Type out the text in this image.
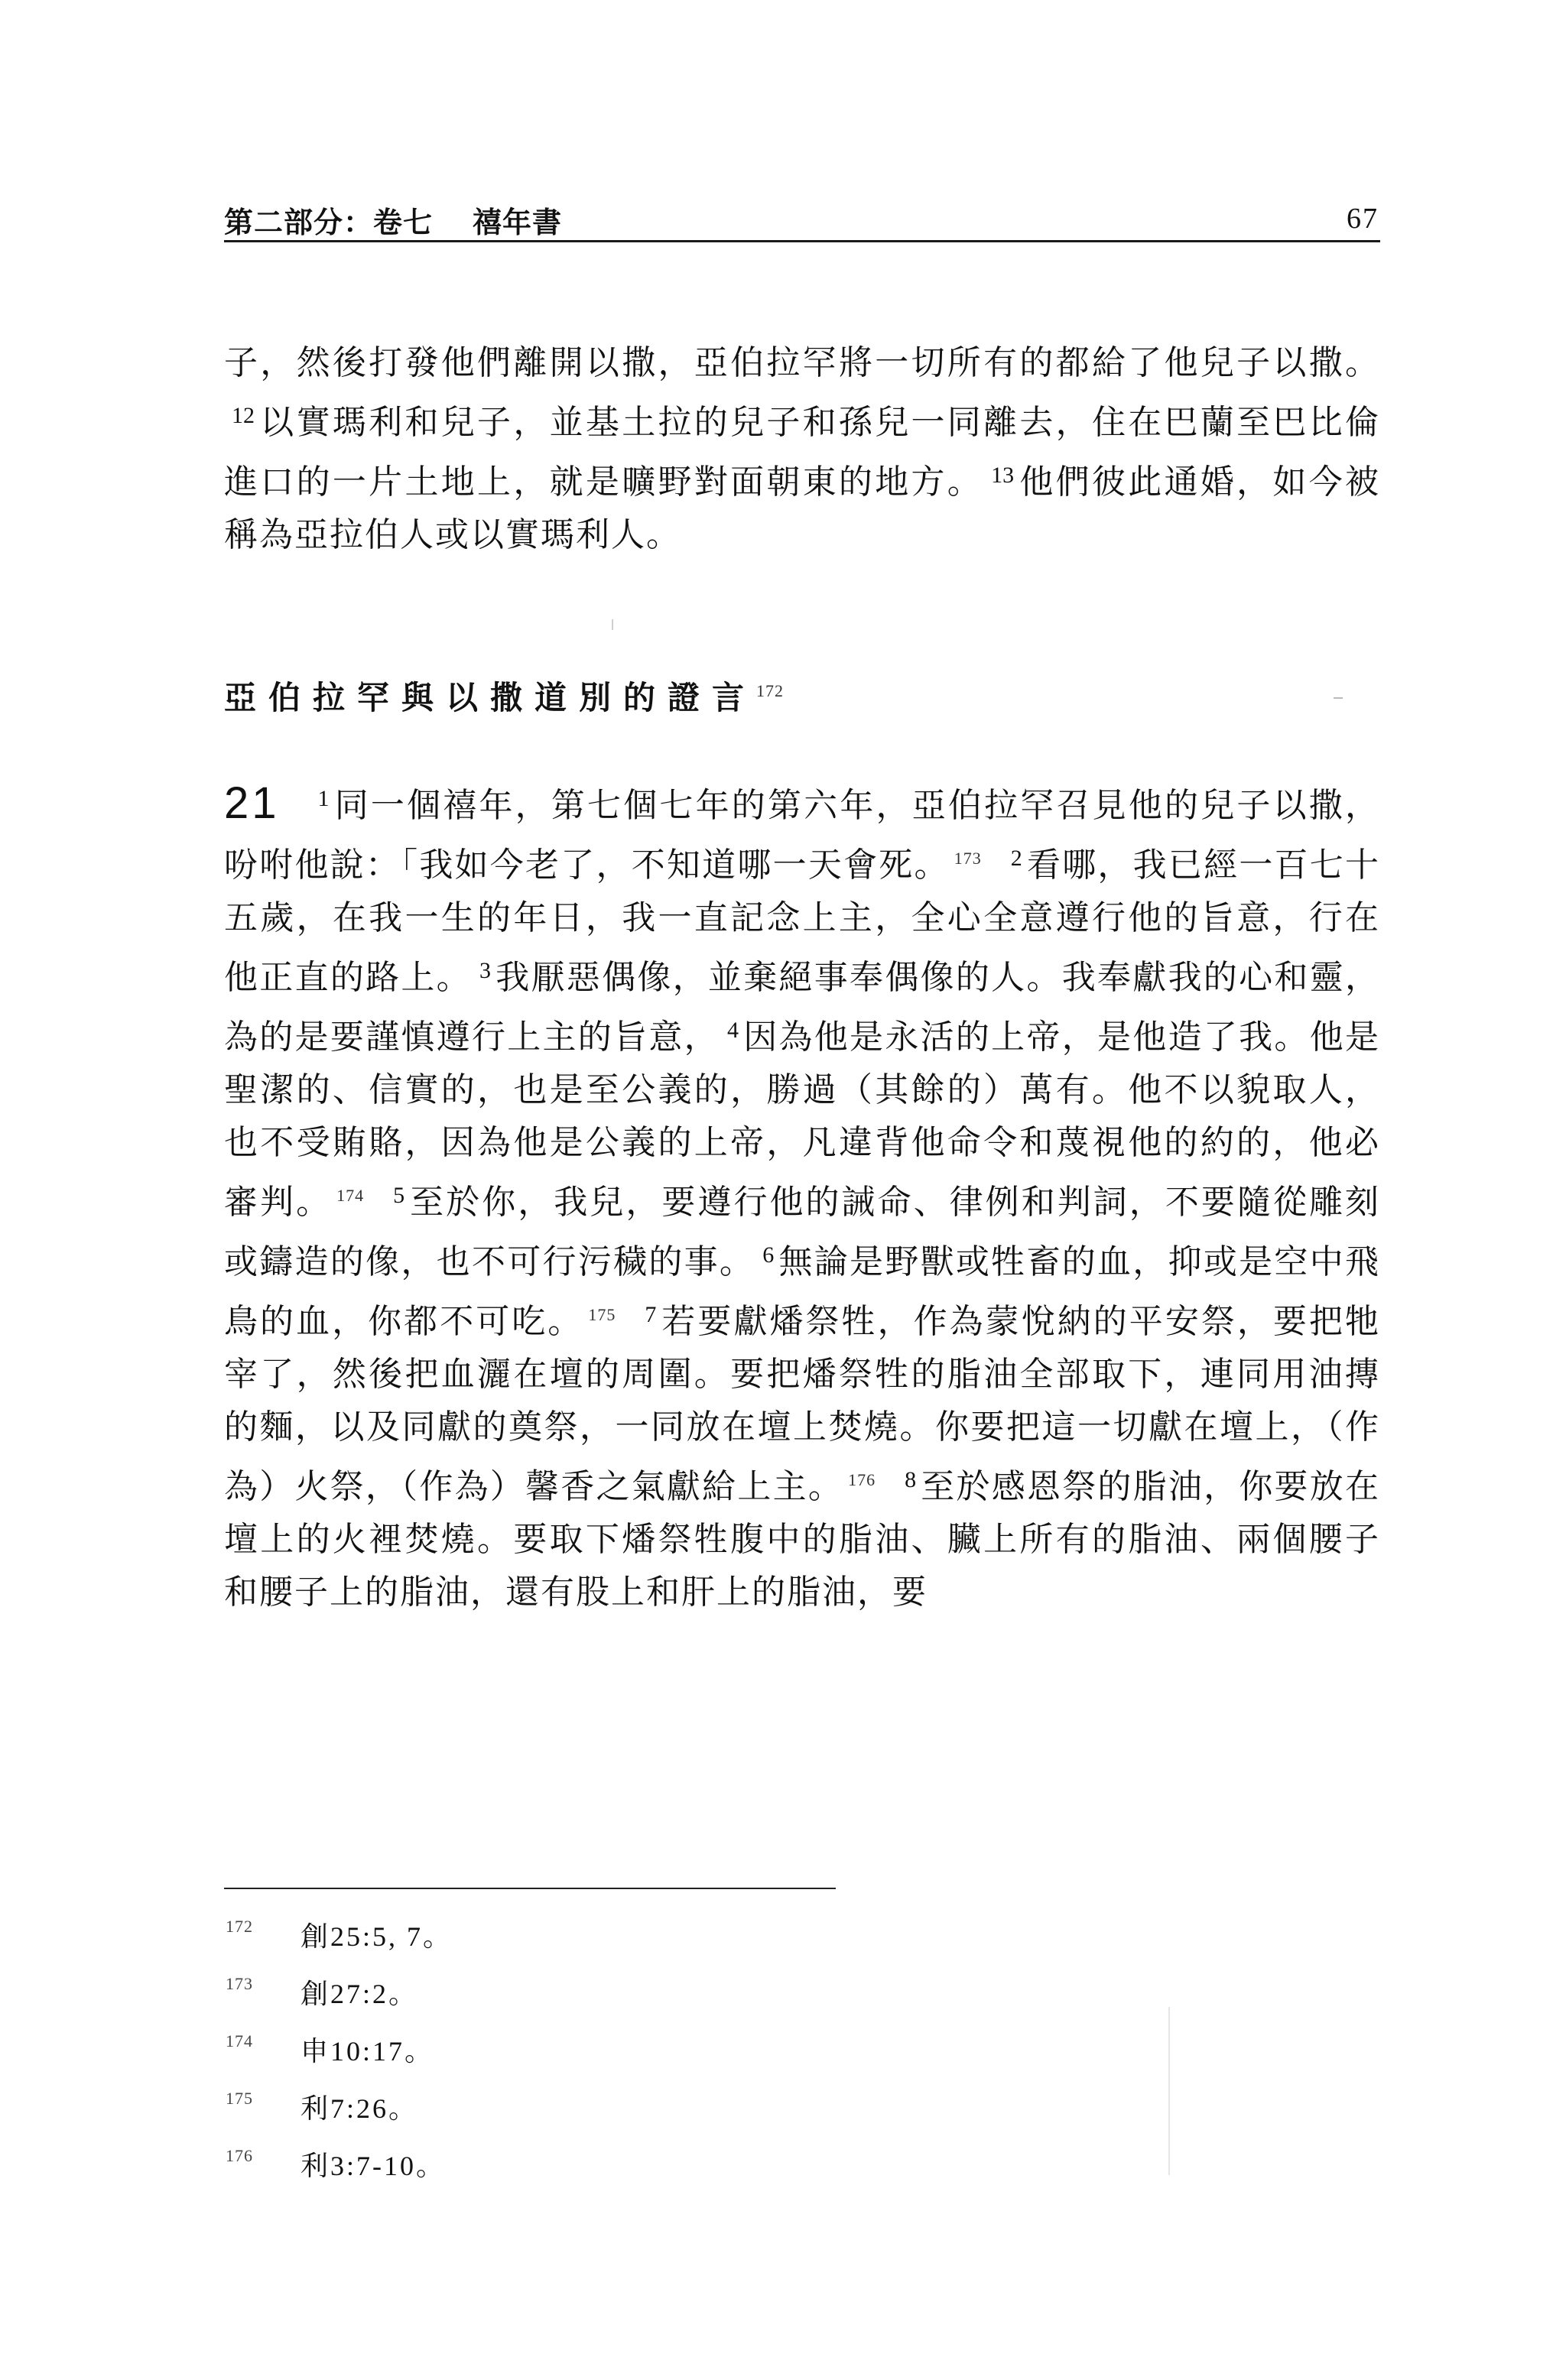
第二部分：卷七 禧年書	67

子，然後打發他們離開以撒，亞伯拉罕將一切所有的都給了他兒子以撒。$^{12}$ 以實瑪利和兒子，並基土拉的兒子和孫兒一同離去，住在巴蘭至巴比倫進口的一片土地上，就是曠野對面朝東的地方。 $^{13}$ 他們彼此通婚，如今被稱為亞拉伯人或以實瑪利人。

亞伯拉罕與以撒道別的證言$^{172}$

21 $^1$ 同一個禧年，第七個七年的第六年，亞伯拉罕召見他的兒子以撒，吩咐他說：「我如今老了，不知道哪一天會死。 $^{173}$ $^2$ 看哪，我已經一百七十五歲，在我一生的年日，我一直記念上主，全心全意遵行他的旨意，行在他正直的路上。 $^3$ 我厭惡偶像，並棄絕事奉偶像的人。我奉獻我的心和靈，為的是要謹慎遵行上主的旨意， $^4$ 因為他是永活的上帝，是他造了我。他是聖潔的、信實的，也是至公義的，勝過（其餘的）萬有。他不以貌取人，也不受賄賂，因為他是公義的上帝，凡違背他命令和蔑視他的約的，他必審判。 $^{174}$ $^5$ 至於你，我兒，要遵行他的誡命、律例和判詞，不要隨從雕刻或鑄造的像，也不可行污穢的事。 $^6$ 無論是野獸或牲畜的血，抑或是空中飛鳥的血，你都不可吃。 $^{175}$ $^7$ 若要獻燔祭牲，作為蒙悅納的平安祭，要把牠宰了，然後把血灑在壇的周圍。要把燔祭牲的脂油全部取下，連同用油摶的麵，以及同獻的奠祭，一同放在壇上焚燒。你要把這一切獻在壇上，（作為）火祭，（作為）馨香之氣獻給上主。 $^{176}$ $^8$ 至於感恩祭的脂油，你要放在壇上的火裡焚燒。要取下燔祭牲腹中的脂油、臟上所有的脂油、兩個腰子和腰子上的脂油，還有股上和肝上的脂油，要

172 創25:5, 7。
173 創27:2。
174 申10:17。
175 利7:26。
176 利3:7-10。
